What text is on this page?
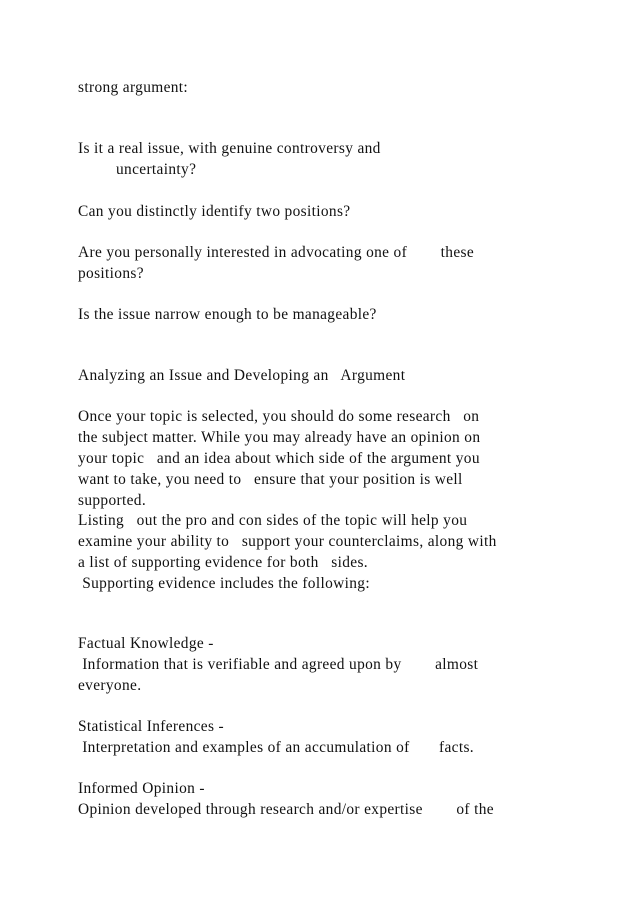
strong argument:

Is it a real issue, with genuine controversy and

uncertainty?

Can you distinctly identify two positions?

Are you personally interested in advocating one of        these

positions?

Is the issue narrow enough to be manageable?

Analyzing an Issue and Developing an   Argument

Once your topic is selected, you should do some research   on

the subject matter. While you may already have an opinion on

your topic   and an idea about which side of the argument you

want to take, you need to   ensure that your position is well

supported.

Listing   out the pro and con sides of the topic will help you

examine your ability to   support your counterclaims, along with

a list of supporting evidence for both   sides.

Supporting evidence includes the following:

Factual Knowledge -

Information that is verifiable and agreed upon by        almost

everyone.

Statistical Inferences -

Interpretation and examples of an accumulation of       facts.

Informed Opinion -

Opinion developed through research and/or expertise        of the
